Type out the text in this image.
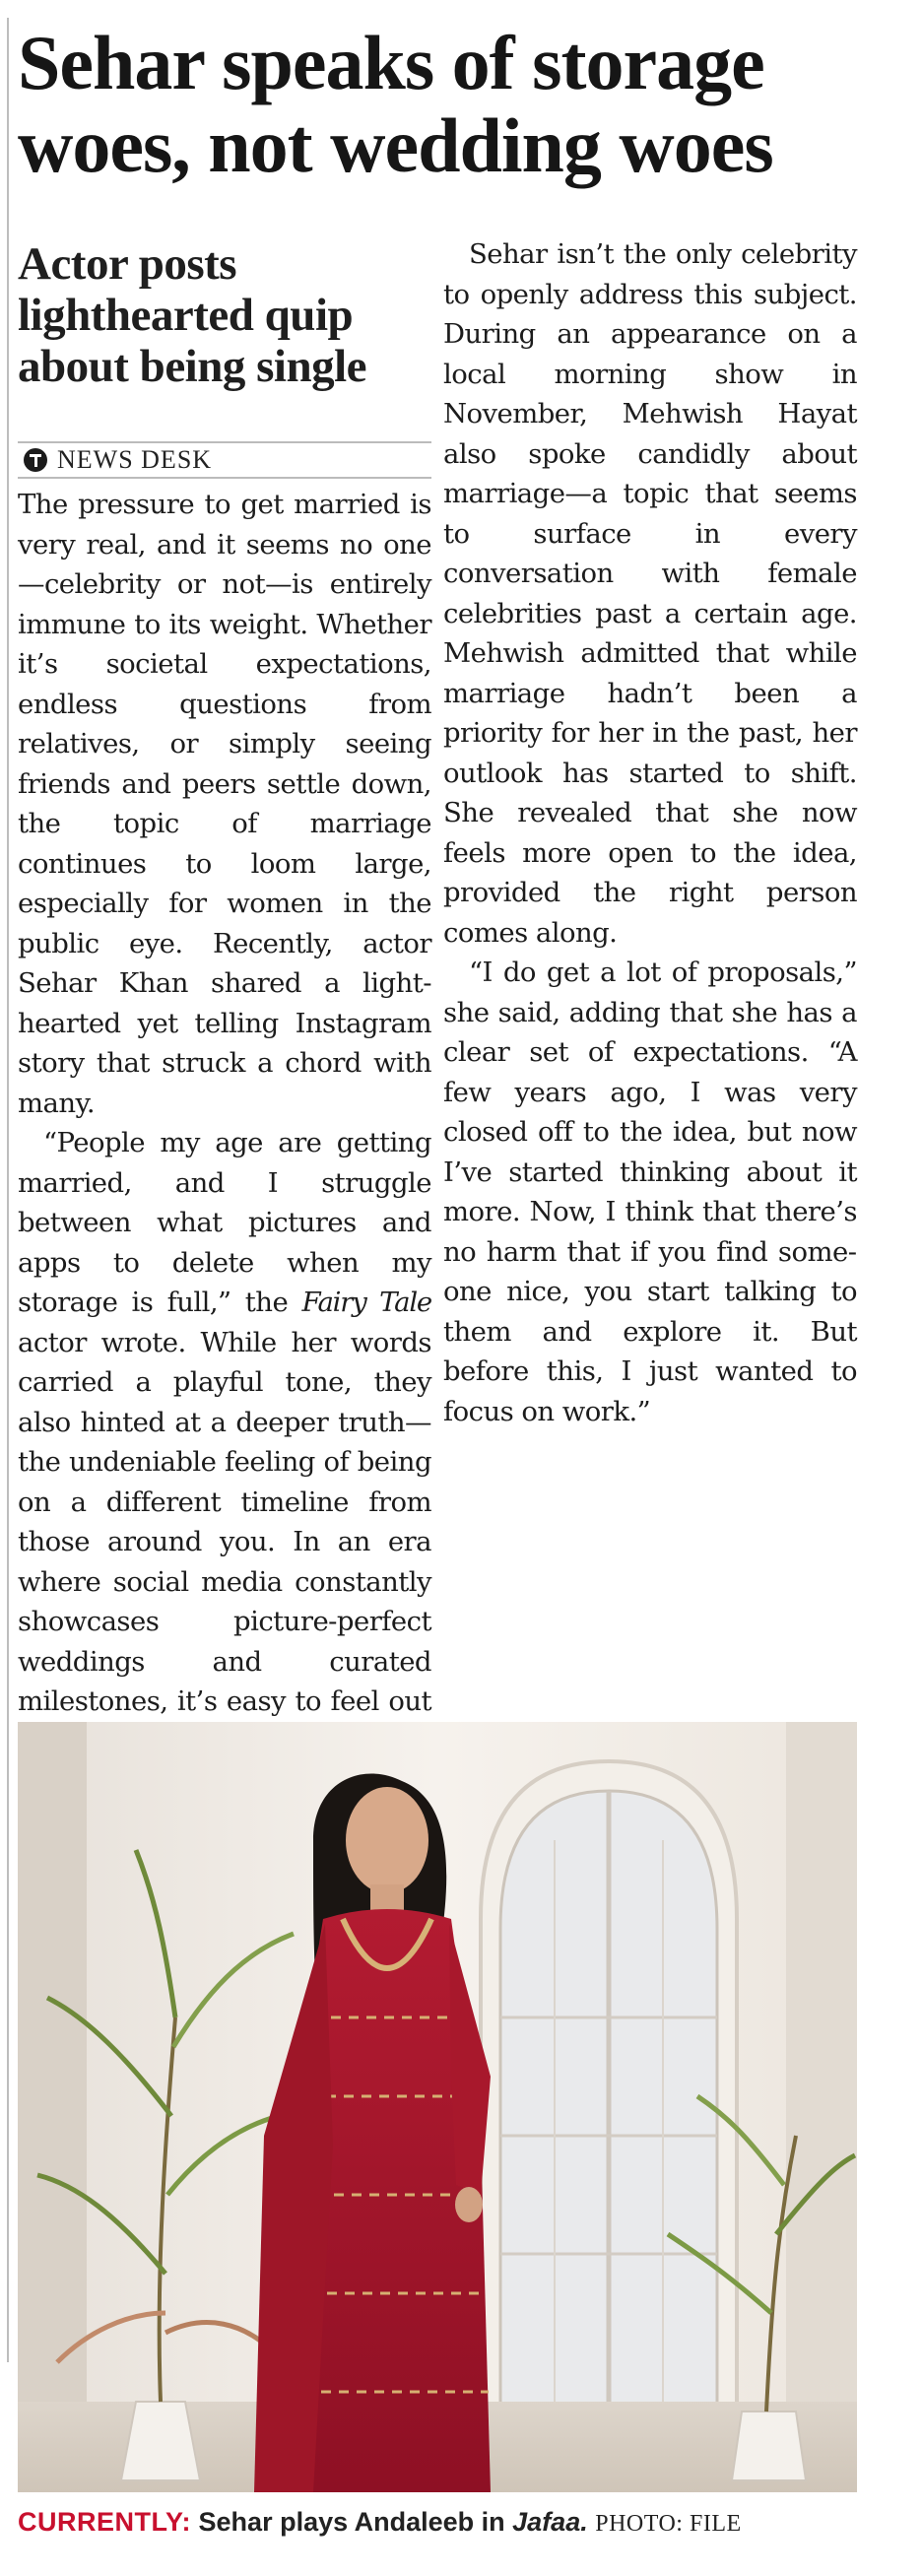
Sehar speaks of storage woes, not wedding woes
Actor posts lighthearted quip about being single
NEWS DESK

The pressure to get married is very real, and it seems no one—celebrity or not—is entirely immune to its weight. Whether it’s societal expectations, endless questions from relatives, or simply seeing friends and peers settle down, the topic of marriage continues to loom large, especially for women in the public eye. Recently, actor Sehar Khan shared a light-hearted yet telling Instagram story that struck a chord with many.

“People my age are getting married, and I struggle between what pictures and apps to delete when my storage is full,” the Fairy Tale actor wrote. While her words carried a playful tone, they also hinted at a deeper truth—the undeniable feeling of being on a different timeline from those around you. In an era where social media constantly showcases picture-perfect weddings and curated milestones, it’s easy to feel out

Sehar isn’t the only celebrity to openly address this subject. During an appearance on a local morning show in November, Mehwish Hayat also spoke candidly about marriage—a topic that seems to surface in every conversation with female celebrities past a certain age. Mehwish admitted that while marriage hadn’t been a priority for her in the past, her outlook has started to shift. She revealed that she now feels more open to the idea, provided the right person comes along.

“I do get a lot of proposals,” she said, adding that she has a clear set of expectations. “A few years ago, I was very closed off to the idea, but now I’ve started thinking about it more. Now, I think that there’s no harm that if you find someone nice, you start talking to them and explore it. But before this, I just wanted to focus on work.”

CURRENTLY: Sehar plays Andaleeb in Jafaa. PHOTO: FILE
